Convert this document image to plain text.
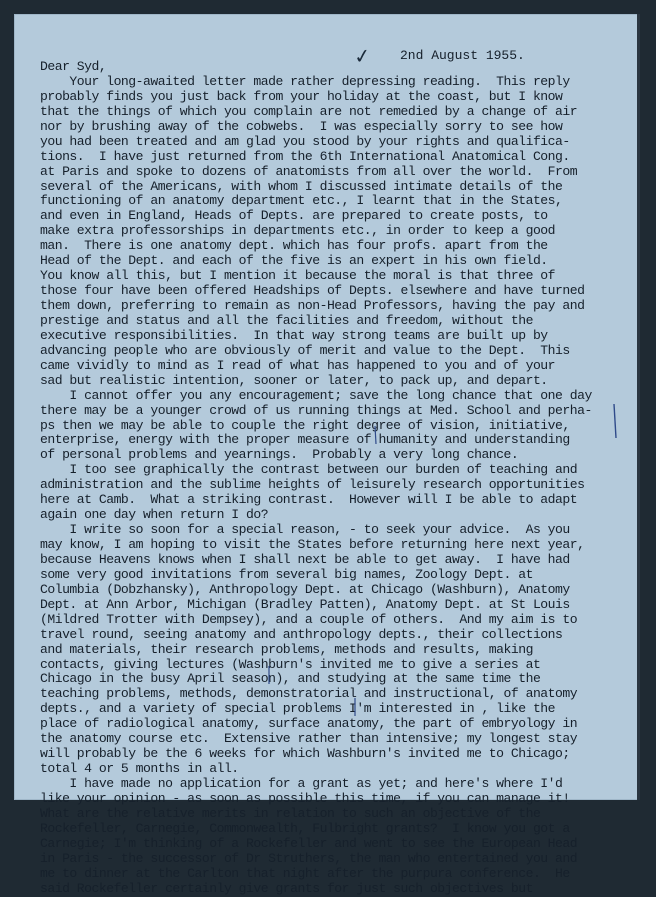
✓ 2nd August 1955.
Dear Syd,
Your long-awaited letter made rather depressing reading.  This reply
probably finds you just back from your holiday at the coast, but I know
that the things of which you complain are not remedied by a change of air
nor by brushing away of the cobwebs.  I was especially sorry to see how
you had been treated and am glad you stood by your rights and qualifica-
tions.  I have just returned from the 6th International Anatomical Cong.
at Paris and spoke to dozens of anatomists from all over the world.  From
several of the Americans, with whom I discussed intimate details of the
functioning of an anatomy department etc., I learnt that in the States,
and even in England, Heads of Depts. are prepared to create posts, to
make extra professorships in departments etc., in order to keep a good
man.  There is one anatomy dept. which has four profs. apart from the
Head of the Dept. and each of the five is an expert in his own field.
You know all this, but I mention it because the moral is that three of
those four have been offered Headships of Depts. elsewhere and have turned
them down, preferring to remain as non-Head Professors, having the pay and
prestige and status and all the facilities and freedom, without the
executive responsibilities.  In that way strong teams are built up by
advancing people who are obviously of merit and value to the Dept.  This
came vividly to mind as I read of what has happened to you and of your
sad but realistic intention, sooner or later, to pack up, and depart.
I cannot offer you any encouragement; save the long chance that one day
there may be a younger crowd of us running things at Med. School and perha-
ps then we may be able to couple the right degree of vision, initiative,
enterprise, energy with the proper measure of humanity and understanding
of personal problems and yearnings.  Probably a very long chance.
I too see graphically the contrast between our burden of teaching and
administration and the sublime heights of leisurely research opportunities
here at Camb.  What a striking contrast.  However will I be able to adapt
again one day when return I do?
I write so soon for a special reason, - to seek your advice.  As you
may know, I am hoping to visit the States before returning here next year,
because Heavens knows when I shall next be able to get away.  I have had
some very good invitations from several big names, Zoology Dept. at
Columbia (Dobzhansky), Anthropology Dept. at Chicago (Washburn), Anatomy
Dept. at Ann Arbor, Michigan (Bradley Patten), Anatomy Dept. at St Louis
(Mildred Trotter with Dempsey), and a couple of others.  And my aim is to
travel round, seeing anatomy and anthropology depts., their collections
and materials, their research problems, methods and results, making
contacts, giving lectures (Washburn's invited me to give a series at
Chicago in the busy April season), and studying at the same time the
teaching problems, methods, demonstratorial and instructional, of anatomy
depts., and a variety of special problems I'm interested in , like the
place of radiological anatomy, surface anatomy, the part of embryology in
the anatomy course etc.  Extensive rather than intensive; my longest stay
will probably be the 6 weeks for which Washburn's invited me to Chicago;
total 4 or 5 months in all.
I have made no application for a grant as yet; and here's where I'd
like your opinion - as soon as possible this time, if you can manage it!
What are the relative merits in relation to such an objective of the
Rockefeller, Carnegie, Commonwealth, Fulbright grants?  I know you got a
Carnegie; I'm thinking of a Rockefeller and went to see the European Head
in Paris - the successor of Dr Struthers, the man who entertained you and
me to dinner at the Carlton that night after the purpura conference.  He
said Rockefeller certainly give grants for just such objectives but
